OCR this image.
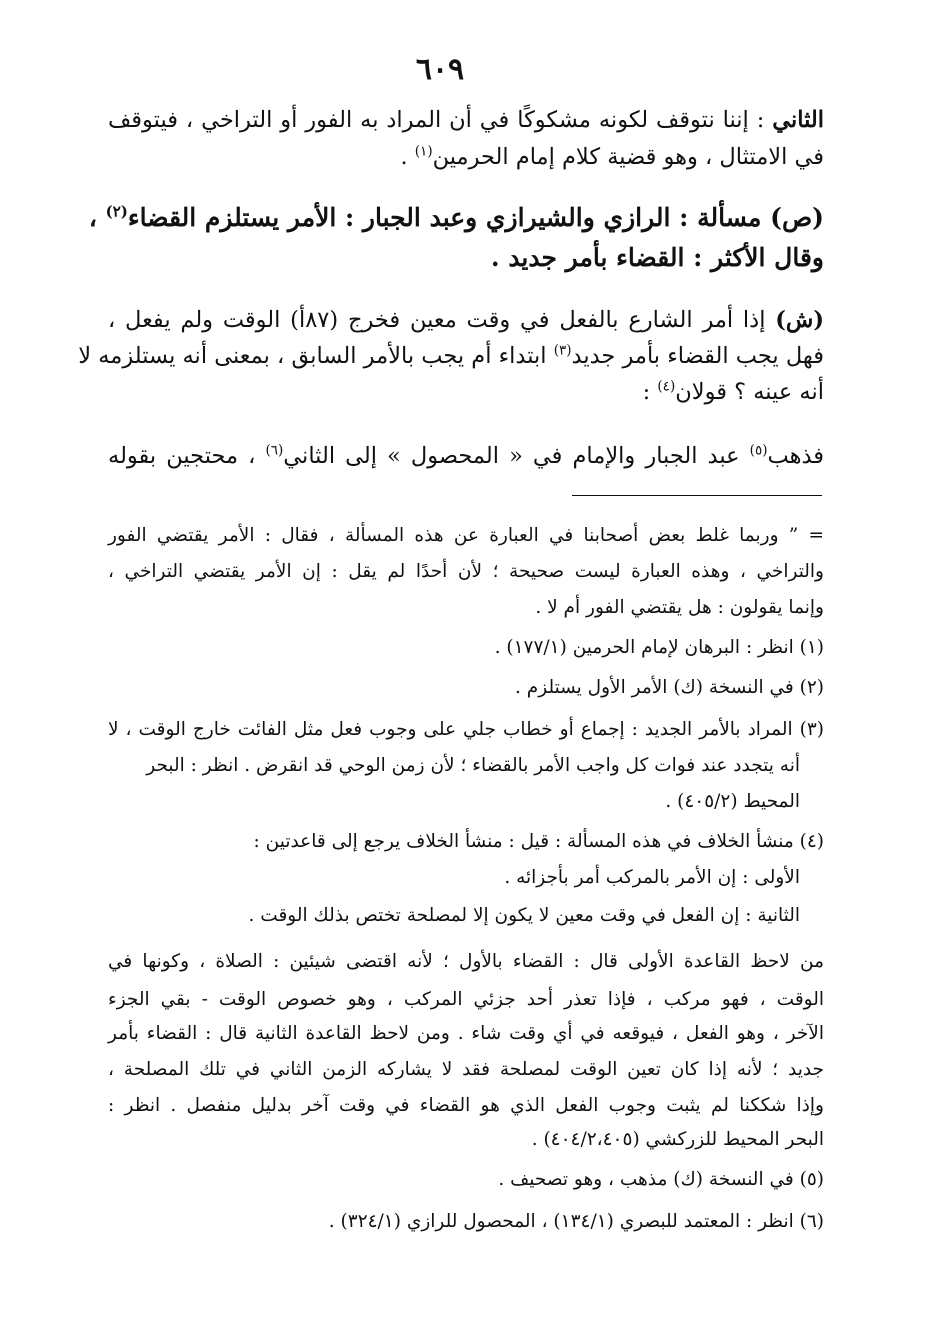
٦٠٩
الثاني : إننا نتوقف لكونه مشكوكًا في أن المراد به الفور أو التراخي ، فيتوقف
في الامتثال ، وهو قضية كلام إمام الحرمين$^{(١)}$ .
(ص) مسألة : الرازي والشيرازي وعبد الجبار : الأمر يستلزم القضاء$^{(٢)}$ ،
وقال الأكثر : القضاء بأمر جديد .
(ش) إذا أمر الشارع بالفعل في وقت معين فخرج (٨٧أ) الوقت ولم يفعل ،
فهل يجب القضاء بأمر جديد$^{(٣)}$ ابتداء أم يجب بالأمر السابق ، بمعنى أنه يستلزمه لا
أنه عينه ؟ قولان$^{(٤)}$ :
فذهب$^{(٥)}$ عبد الجبار والإمام في « المحصول » إلى الثاني$^{(٦)}$ ، محتجين بقوله
= ” وربما غلط بعض أصحابنا في العبارة عن هذه المسألة ، فقال : الأمر يقتضي الفور
والتراخي ، وهذه العبارة ليست صحيحة ؛ لأن أحدًا لم يقل : إن الأمر يقتضي التراخي ،
وإنما يقولون : هل يقتضي الفور أم لا .
(١) انظر : البرهان لإمام الحرمين (١٧٧/١) .
(٢) في النسخة (ك) الأمر الأول يستلزم .
(٣) المراد بالأمر الجديد : إجماع أو خطاب جلي على وجوب فعل مثل الفائت خارج الوقت ، لا
أنه يتجدد عند فوات كل واجب الأمر بالقضاء ؛ لأن زمن الوحي قد انقرض . انظر : البحر
المحيط (٤٠٥/٢) .
(٤) منشأ الخلاف في هذه المسألة : قيل : منشأ الخلاف يرجع إلى قاعدتين :
الأولى : إن الأمر بالمركب أمر بأجزائه .
الثانية : إن الفعل في وقت معين لا يكون إلا لمصلحة تختص بذلك الوقت .
من لاحظ القاعدة الأولى قال : القضاء بالأول ؛ لأنه اقتضى شيئين : الصلاة ، وكونها في
الوقت ، فهو مركب ، فإذا تعذر أحد جزئي المركب ، وهو خصوص الوقت - بقي الجزء
الآخر ، وهو الفعل ، فيوقعه في أي وقت شاء . ومن لاحظ القاعدة الثانية قال : القضاء بأمر
جديد ؛ لأنه إذا كان تعين الوقت لمصلحة فقد لا يشاركه الزمن الثاني في تلك المصلحة ،
وإذا شككنا لم يثبت وجوب الفعل الذي هو القضاء في وقت آخر بدليل منفصل . انظر :
البحر المحيط للزركشي (٤٠٤/٢،٤٠٥) .
(٥) في النسخة (ك) مذهب ، وهو تصحيف .
(٦) انظر : المعتمد للبصري (١٣٤/١) ، المحصول للرازي (٣٢٤/١) .
